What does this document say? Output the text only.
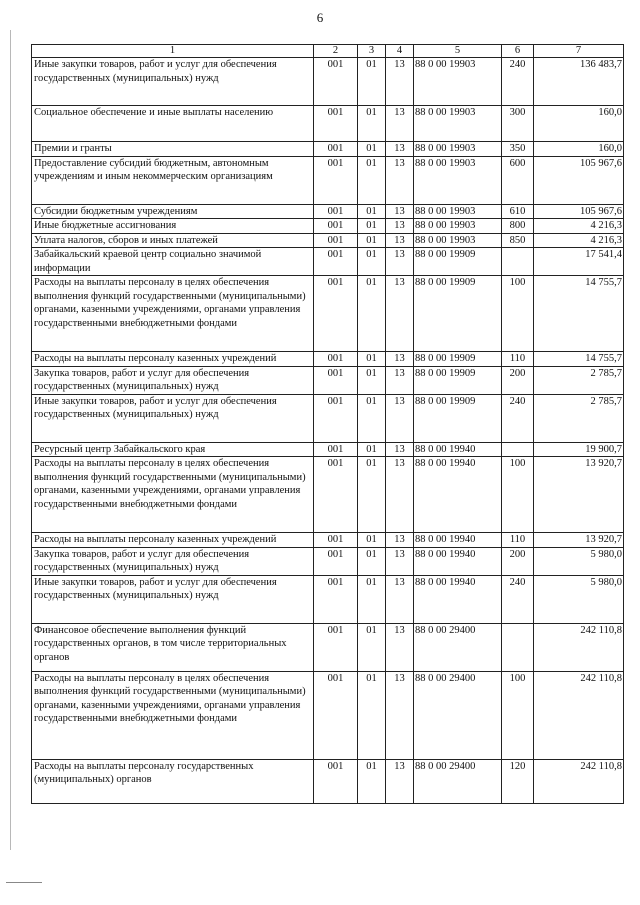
6
1	2	3	4	5	6	7
Иные закупки товаров, работ и услуг для обеспечения государственных (муниципальных) нужд	001	01	13	88 0 00 19903	240	136 483,7
Социальное обеспечение и иные выплаты населению	001	01	13	88 0 00 19903	300	160,0
Премии и гранты	001	01	13	88 0 00 19903	350	160,0
Предоставление субсидий бюджетным, автономным учреждениям и иным некоммерческим организациям	001	01	13	88 0 00 19903	600	105 967,6
Субсидии бюджетным учреждениям	001	01	13	88 0 00 19903	610	105 967,6
Иные бюджетные ассигнования	001	01	13	88 0 00 19903	800	4 216,3
Уплата налогов, сборов и иных платежей	001	01	13	88 0 00 19903	850	4 216,3
Забайкальский краевой центр социально значимой информации	001	01	13	88 0 00 19909		17 541,4
Расходы на выплаты персоналу в целях обеспечения выполнения функций государственными (муниципальными) органами, казенными учреждениями, органами управления государственными внебюджетными фондами	001	01	13	88 0 00 19909	100	14 755,7
Расходы на выплаты персоналу казенных учреждений	001	01	13	88 0 00 19909	110	14 755,7
Закупка товаров, работ и услуг для обеспечения государственных (муниципальных) нужд	001	01	13	88 0 00 19909	200	2 785,7
Иные закупки товаров, работ и услуг для обеспечения государственных (муниципальных) нужд	001	01	13	88 0 00 19909	240	2 785,7
Ресурсный центр Забайкальского края	001	01	13	88 0 00 19940		19 900,7
Расходы на выплаты персоналу в целях обеспечения выполнения функций государственными (муниципальными) органами, казенными учреждениями, органами управления государственными внебюджетными фондами	001	01	13	88 0 00 19940	100	13 920,7
Расходы на выплаты персоналу казенных учреждений	001	01	13	88 0 00 19940	110	13 920,7
Закупка товаров, работ и услуг для обеспечения государственных (муниципальных) нужд	001	01	13	88 0 00 19940	200	5 980,0
Иные закупки товаров, работ и услуг для обеспечения государственных (муниципальных) нужд	001	01	13	88 0 00 19940	240	5 980,0
Финансовое обеспечение выполнения функций государственных органов, в том числе территориальных органов	001	01	13	88 0 00 29400		242 110,8
Расходы на выплаты персоналу в целях обеспечения выполнения функций государственными (муниципальными) органами, казенными учреждениями, органами управления государственными внебюджетными фондами	001	01	13	88 0 00 29400	100	242 110,8
Расходы на выплаты персоналу государственных (муниципальных) органов	001	01	13	88 0 00 29400	120	242 110,8
